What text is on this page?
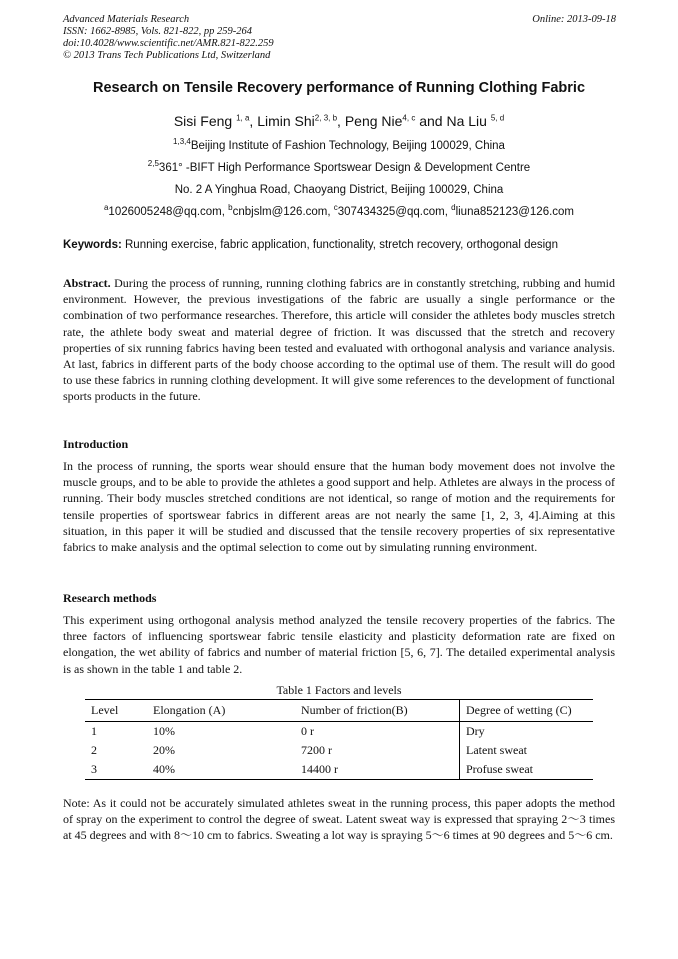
Advanced Materials Research
ISSN: 1662-8985, Vols. 821-822, pp 259-264
doi:10.4028/www.scientific.net/AMR.821-822.259
© 2013 Trans Tech Publications Ltd, Switzerland
Online: 2013-09-18
Research on Tensile Recovery performance of Running Clothing Fabric
Sisi Feng $^{1, a}$, Limin Shi$^{2, 3, b}$, Peng Nie$^{4, c}$ and Na Liu $^{5, d}$
$^{1,3,4}$Beijing Institute of Fashion Technology, Beijing 100029, China
$^{2,5}$361° -BIFT High Performance Sportswear Design & Development Centre
No. 2 A Yinghua Road, Chaoyang District, Beijing 100029, China
$^a$1026005248@qq.com, $^b$cnbjslm@126.com, $^c$307434325@qq.com, $^d$liuna852123@126.com
Keywords: Running exercise, fabric application, functionality, stretch recovery, orthogonal design

Abstract. During the process of running, running clothing fabrics are in constantly stretching, rubbing and humid environment. However, the previous investigations of the fabric are usually a single performance or the combination of two performance researches. Therefore, this article will consider the athletes body muscles stretch rate, the athlete body sweat and material degree of friction. It was discussed that the stretch and recovery properties of six running fabrics having been tested and evaluated with orthogonal analysis and variance analysis. At last, fabrics in different parts of the body choose according to the optimal use of them. The result will do good to use these fabrics in running clothing development. It will give some references to the development of functional sports products in the future.

Introduction

In the process of running, the sports wear should ensure that the human body movement does not involve the muscle groups, and to be able to provide the athletes a good support and help. Athletes are always in the process of running. Their body muscles stretched conditions are not identical, so range of motion and the requirements for tensile properties of sportswear fabrics in different areas are not nearly the same [1, 2, 3, 4].Aiming at this situation, in this paper it will be studied and discussed that the tensile recovery properties of six representative fabrics to make analysis and the optimal selection to come out by simulating running environment.

Research methods

This experiment using orthogonal analysis method analyzed the tensile recovery properties of the fabrics. The three factors of influencing sportswear fabric tensile elasticity and plasticity deformation rate are fixed on elongation, the wet ability of fabrics and number of material friction [5, 6, 7]. The detailed experimental analysis is as shown in the table 1 and table 2.

Table 1 Factors and levels
Level	Elongation (A)	Number of friction(B)	Degree of wetting (C)
1	10%	0 r	Dry
2	20%	7200 r	Latent sweat
3	40%	14400 r	Profuse sweat

Note: As it could not be accurately simulated athletes sweat in the running process, this paper adopts the method of spray on the experiment to control the degree of sweat. Latent sweat way is expressed that spraying 2～3 times at 45 degrees and with 8～10 cm to fabrics. Sweating a lot way is spraying 5～6 times at 90 degrees and 5～6 cm.
